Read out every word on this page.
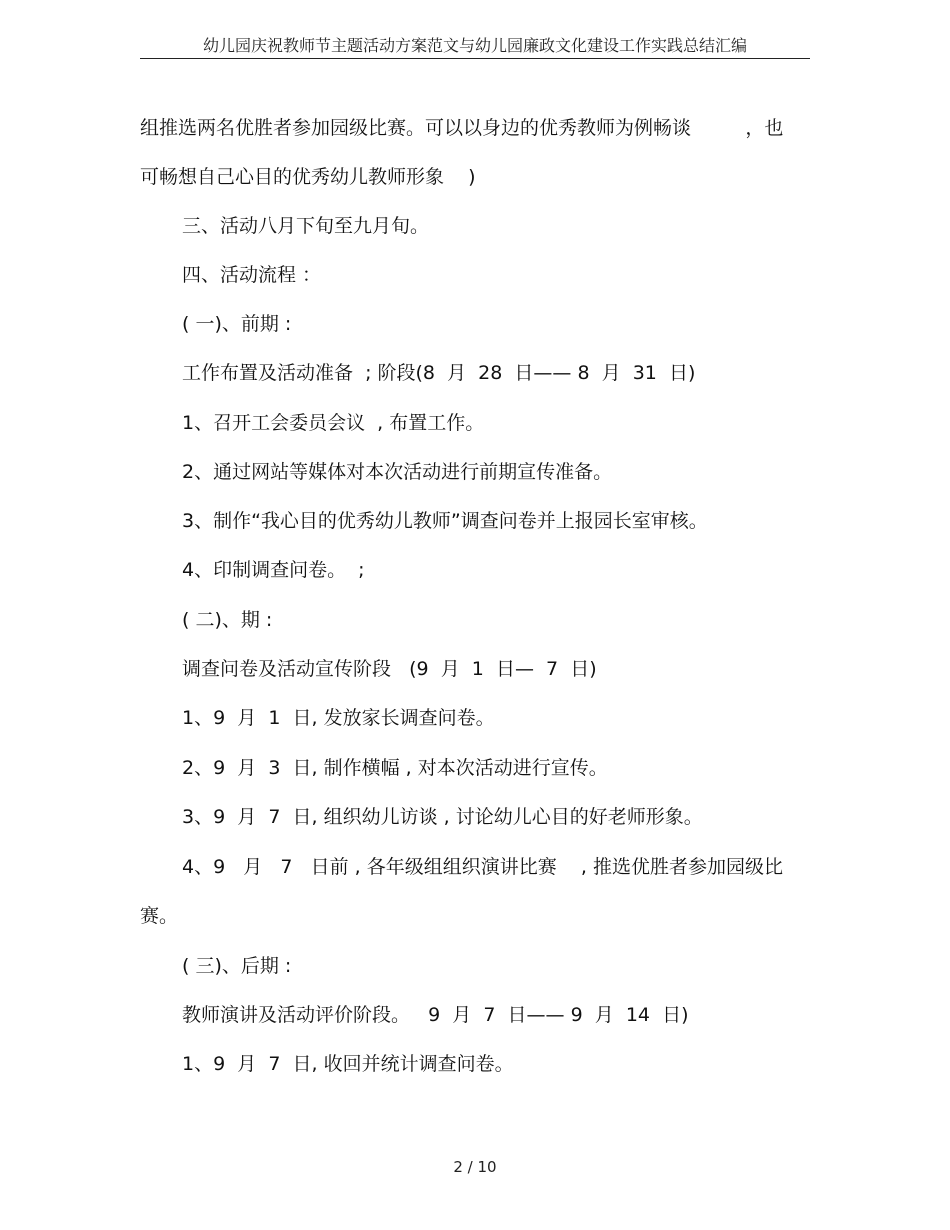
幼儿园庆祝教师节主题活动方案范文与幼儿园廉政文化建设工作实践总结汇编
组推选两名优胜者参加园级比赛。可以以身边的优秀教师为例畅谈         ，也
可畅想自己心目的优秀幼儿教师形象    )
三、活动八月下旬至九月旬。
四、活动流程 ：
( 一)、前期 :
工作布置及活动准备  ; 阶段(8  月  28  日—— 8  月  31  日)
1、召开工会委员会议  , 布置工作。
2、通过网站等媒体对本次活动进行前期宣传准备。
3、制作“我心目的优秀幼儿教师”调查问卷并上报园长室审核。
4、印制调查问卷。  ;
( 二)、期 :
调查问卷及活动宣传阶段   (9  月  1  日—  7  日)
1、9  月  1  日, 发放家长调查问卷。
2、9  月  3  日, 制作横幅 , 对本次活动进行宣传。
3、9  月  7  日, 组织幼儿访谈 , 讨论幼儿心目的好老师形象。
4、9   月   7   日前 , 各年级组组织演讲比赛    , 推选优胜者参加园级比
赛。
( 三)、后期 :
教师演讲及活动评价阶段。   9  月  7  日—— 9  月  14  日)
1、9  月  7  日, 收回并统计调查问卷。
2 / 10
